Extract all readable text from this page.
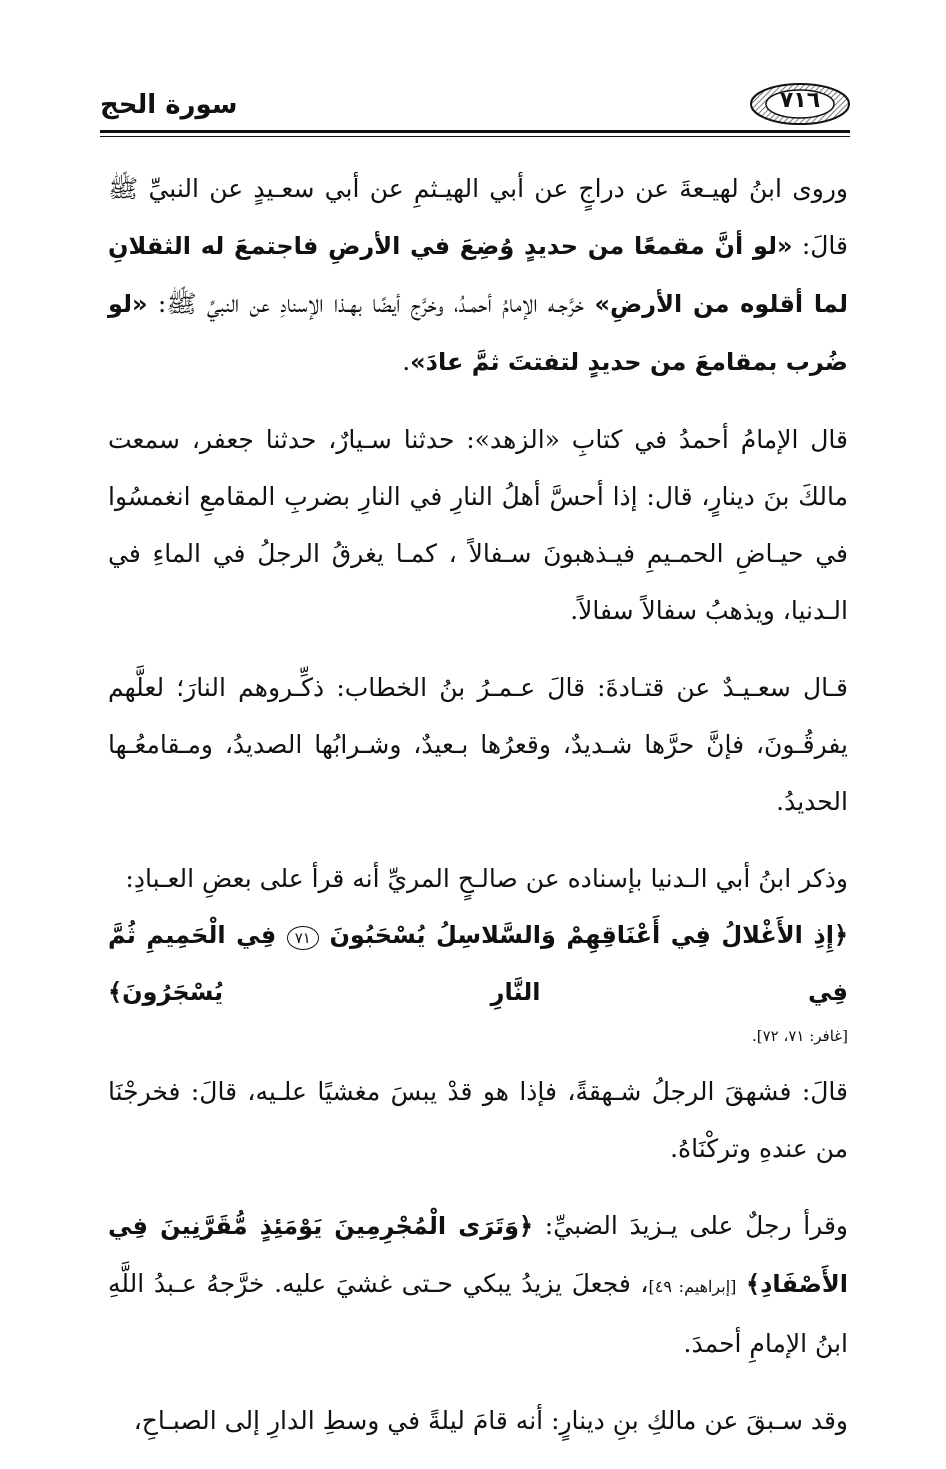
سورة الحج	٧١٦

وروى ابنُ لهيـعةَ عن دراجٍ عن أبي الهيـثمِ عن أبي سعـيدٍ عن النبيِّ ﷺ قالَ: «لو أنَّ مقمعًا من حديدٍ وُضِعَ في الأرضِ فاجتمعَ له الثقلانِ لما أقلوه من الأرضِ» خرَّجـه الإمامُ أحمـدُ، وخرَّج أيضًا بهـذا الإسنادِ عن النبيِّ ﷺ: «لو ضُرب بمقامعَ من حديدٍ لتفتتَ ثمَّ عادَ».

قال الإمامُ أحمدُ في كتابِ «الزهد»: حدثنا سـيارٌ، حدثنا جعفر، سمعت مالكَ بنَ دينارٍ، قال: إذا أحسَّ أهلُ النارِ في النارِ بضربِ المقامعِ انغمسُوا في حيـاضِ الحمـيمِ فيـذهبونَ سـفالاً ، كمـا يغرقُ الرجلُ في الماءِ في الـدنيا، ويذهبُ سفالاً سفالاً.

قـال سعـيـدٌ عن قتـادةَ: قالَ عـمـرُ بنُ الخطاب: ذكِّـروهم النارَ؛ لعلَّهم يفرقُـونَ، فإنَّ حرَّها شـديدٌ، وقعرُها بـعيدٌ، وشـرابُها الصديدُ، ومـقامعُـها الحديدُ.

وذكر ابنُ أبي الـدنيا بإسناده عن صالـحٍ المريِّ أنه قرأ على بعضِ العـبادِ:
﴿إِذِ الأَغْلالُ فِي أَعْنَاقِهِمْ وَالسَّلاسِلُ يُسْحَبُونَ ٧١ فِي الْحَمِيمِ ثُمَّ فِي النَّارِ يُسْجَرُونَ﴾
[غافر: ٧١، ٧٢].

قالَ: فشهقَ الرجلُ شـهقةً، فإذا هو قدْ يبسَ مغشيًا علـيه، قالَ: فخرجْنَا من عندهِ وتركْنَاهُ.

وقرأ رجلٌ على يـزيدَ الضبيِّ: ﴿وَتَرَى الْمُجْرِمِينَ يَوْمَئِذٍ مُّقَرَّنِينَ فِي الأَصْفَادِ﴾ [إبراهيم: ٤٩]، فجعلَ يزيدُ يبكي حـتى غشيَ عليه. خرَّجهُ عـبدُ اللَّهِ ابنُ الإمامِ أحمدَ.

وقد سـبقَ عن مالكِ بنِ دينارٍ: أنه قامَ ليلةً في وسطِ الدارِ إلى الصبـاحِ،
